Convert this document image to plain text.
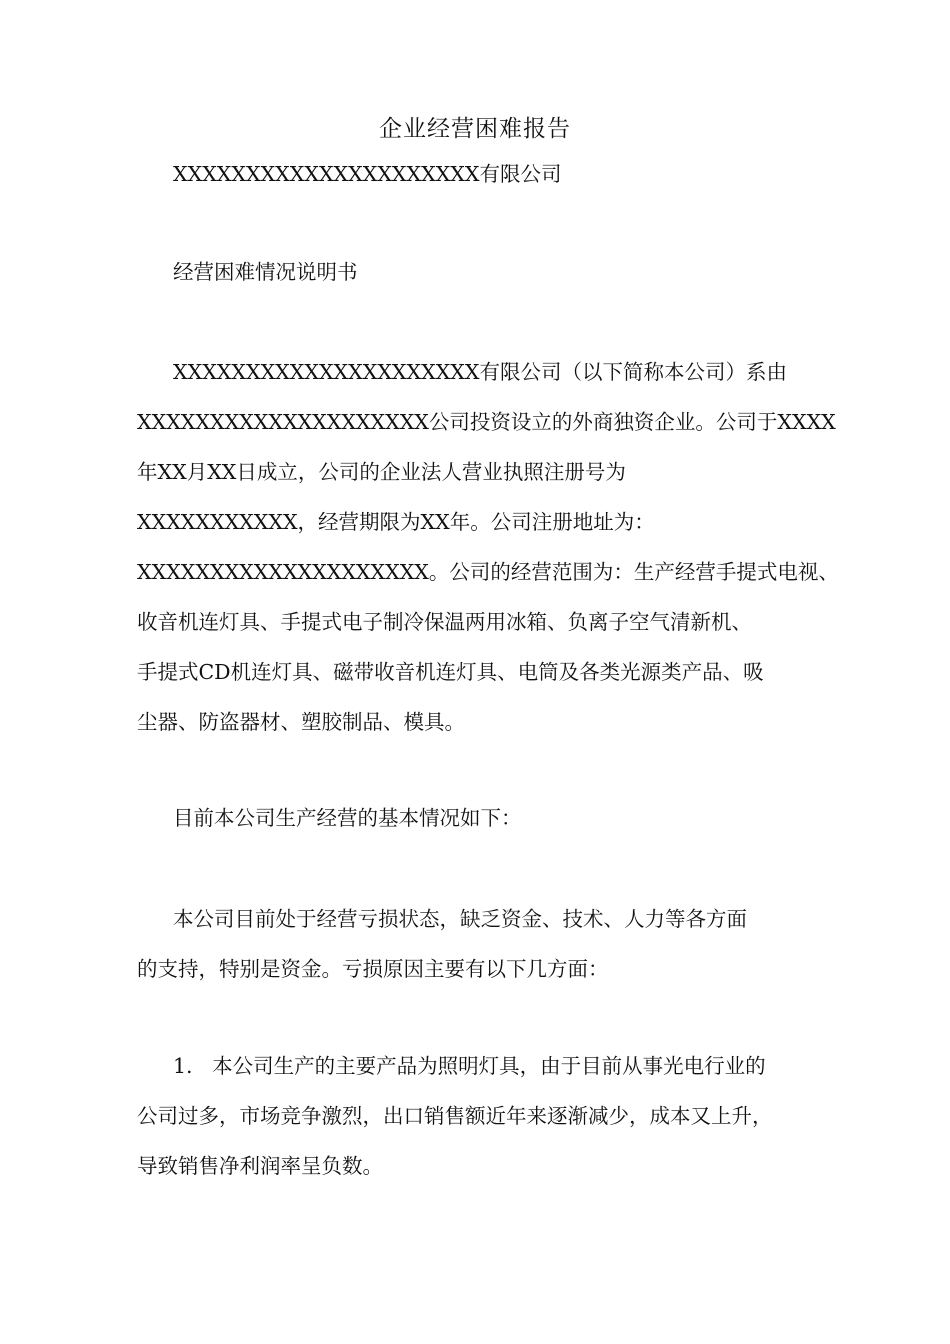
企业经营困难报告

XXXXXXXXXXXXXXXXXXXXX有限公司

经营困难情况说明书

XXXXXXXXXXXXXXXXXXXXX有限公司（以下简称本公司）系由
XXXXXXXXXXXXXXXXXXXX公司投资设立的外商独资企业。公司于XXXX
年XX月XX日成立，公司的企业法人营业执照注册号为
XXXXXXXXXXX，经营期限为XX年。公司注册地址为：
XXXXXXXXXXXXXXXXXXXX。公司的经营范围为：生产经营手提式电视、
收音机连灯具、手提式电子制冷保温两用冰箱、负离子空气清新机、
手提式CD机连灯具、磁带收音机连灯具、电筒及各类光源类产品、吸
尘器、防盗器材、塑胶制品、模具。

目前本公司生产经营的基本情况如下：

本公司目前处于经营亏损状态，缺乏资金、技术、人力等各方面
的支持，特别是资金。亏损原因主要有以下几方面：
1.   本公司生产的主要产品为照明灯具，由于目前从事光电行业的
公司过多，市场竞争激烈，出口销售额近年来逐渐减少，成本又上升，
导致销售净利润率呈负数。
